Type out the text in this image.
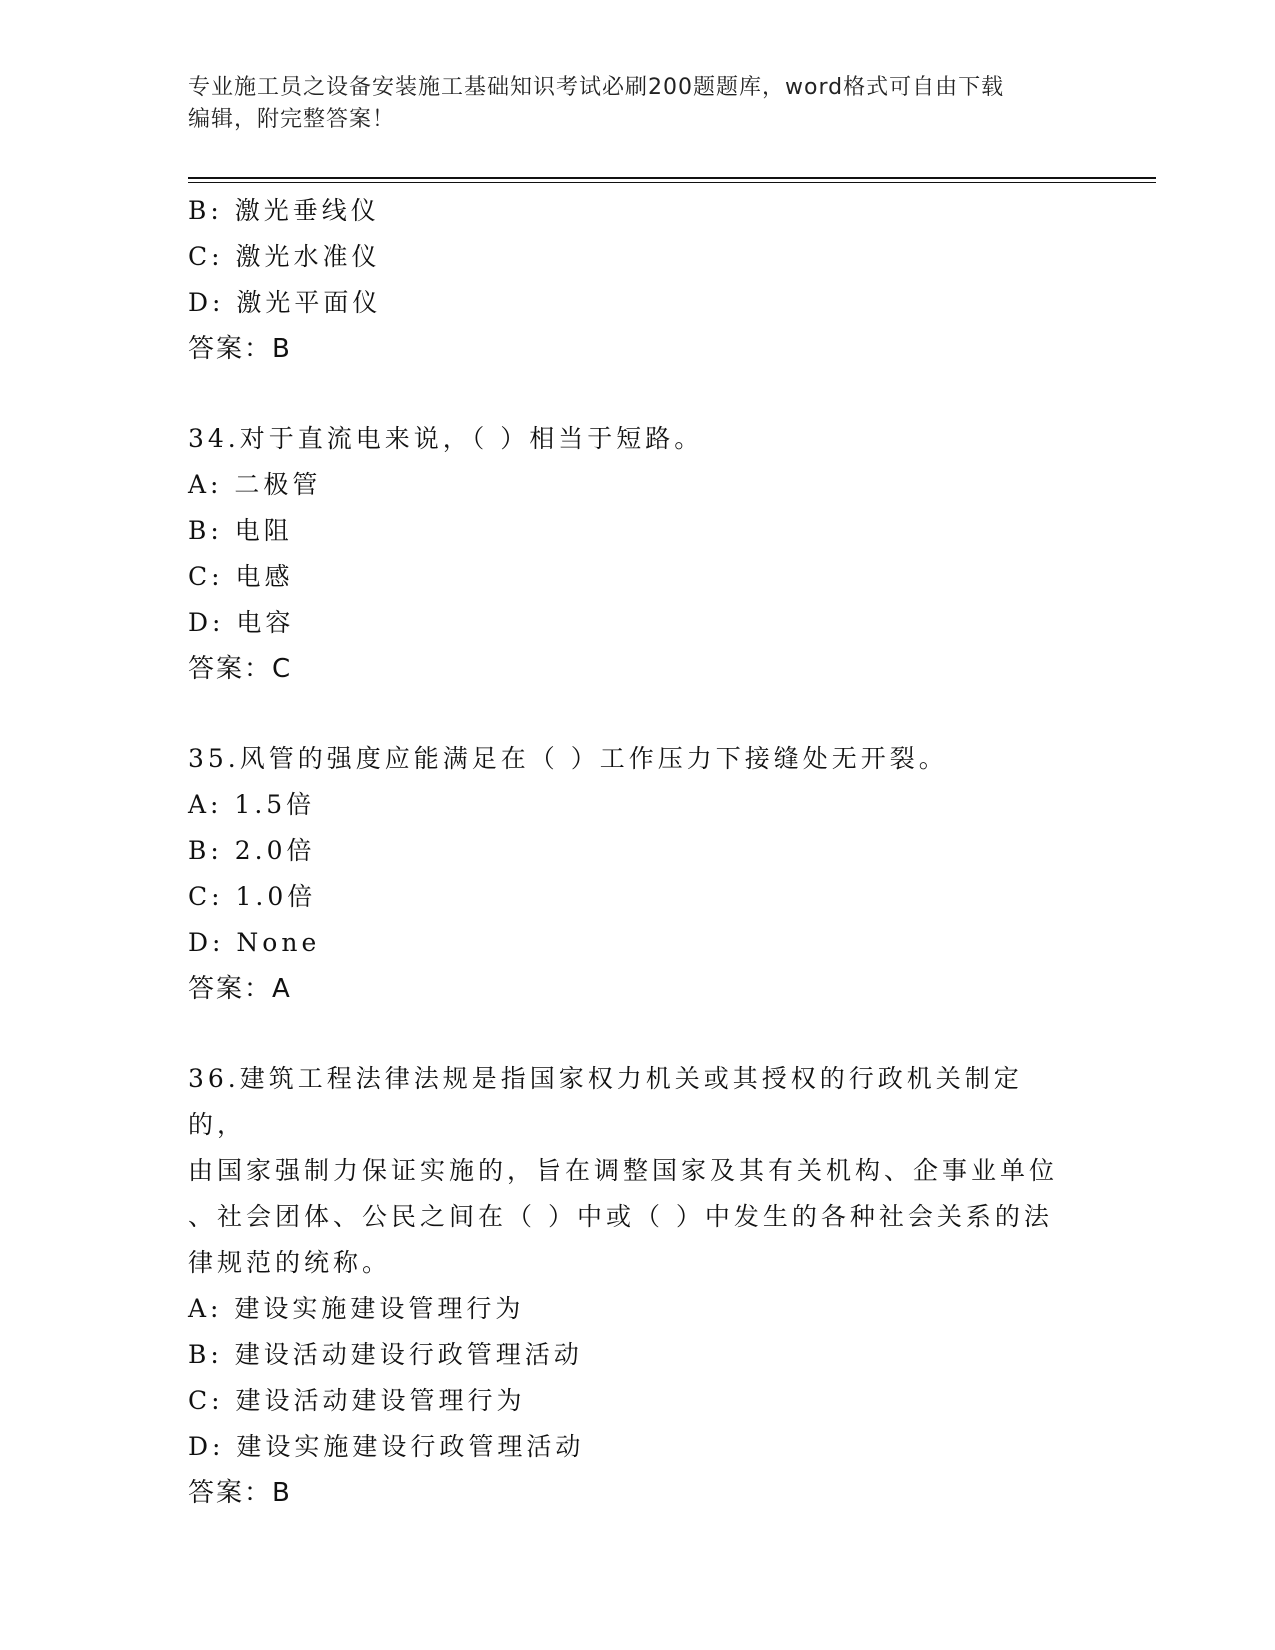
专业施工员之设备安装施工基础知识考试必刷200题题库，word格式可自由下载
编辑，附完整答案！
B: 激光垂线仪
C: 激光水准仪
D: 激光平面仪
答案：B
34.对于直流电来说，（ ）相当于短路。
A: 二极管
B: 电阻
C: 电感
D: 电容
答案：C
35.风管的强度应能满足在（ ）工作压力下接缝处无开裂。
A: 1.5倍
B: 2.0倍
C: 1.0倍
D: None
答案：A
36.建筑工程法律法规是指国家权力机关或其授权的行政机关制定的，
由国家强制力保证实施的，旨在调整国家及其有关机构、企事业单位
、社会团体、公民之间在（ ）中或（ ）中发生的各种社会关系的法
律规范的统称。
A: 建设实施建设管理行为
B: 建设活动建设行政管理活动
C: 建设活动建设管理行为
D: 建设实施建设行政管理活动
答案：B
